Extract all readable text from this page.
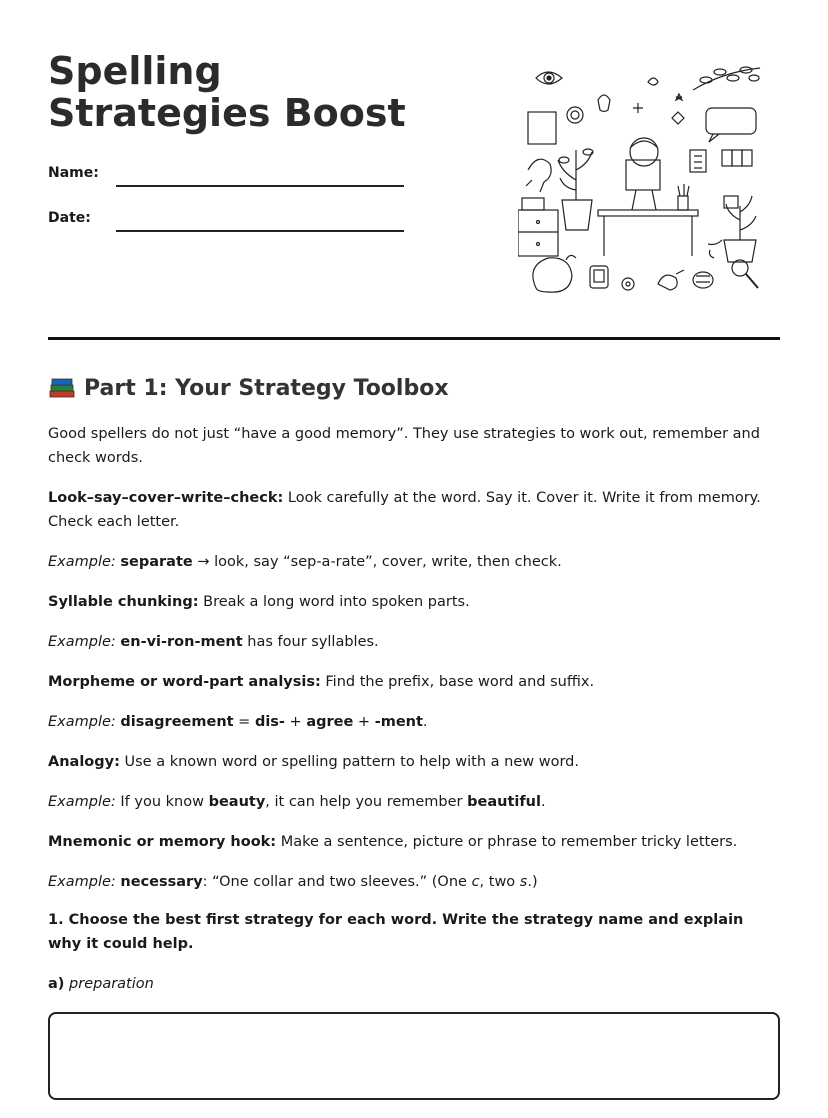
Spelling Strategies Boost
Name:
Date:
Part 1: Your Strategy Toolbox

Good spellers do not just “have a good memory”. They use strategies to work out, remember and check words.

Look–say–cover–write–check: Look carefully at the word. Say it. Cover it. Write it from memory. Check each letter.

Example: separate → look, say “sep-a-rate”, cover, write, then check.

Syllable chunking: Break a long word into spoken parts.

Example: en-vi-ron-ment has four syllables.

Morpheme or word-part analysis: Find the prefix, base word and suffix.

Example: disagreement = dis- + agree + -ment.

Analogy: Use a known word or spelling pattern to help with a new word.

Example: If you know beauty, it can help you remember beautiful.

Mnemonic or memory hook: Make a sentence, picture or phrase to remember tricky letters.

Example: necessary: “One collar and two sleeves.” (One c, two s.)

1. Choose the best first strategy for each word. Write the strategy name and explain why it could help.

a) preparation
